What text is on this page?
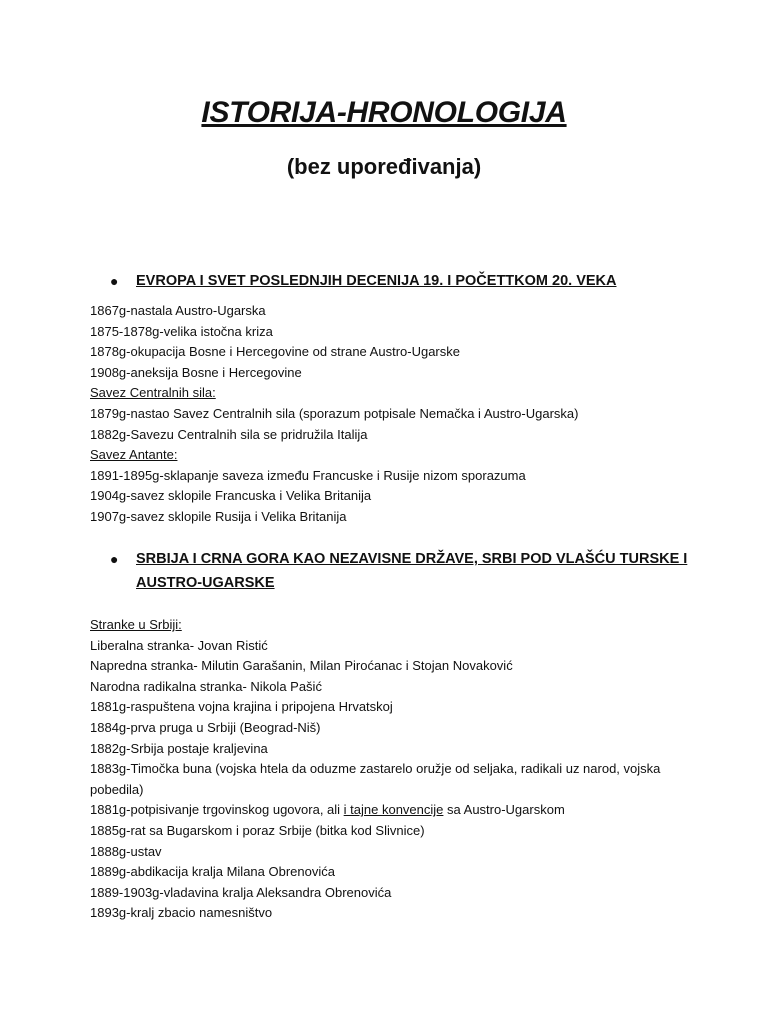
ISTORIJA-HRONOLOGIJA
(bez upoređivanja)
●	EVROPA I SVET POSLEDNJIH DECENIJA 19. I POČETTKOM 20. VEKA
1867g-nastala Austro-Ugarska
1875-1878g-velika istočna kriza
1878g-okupacija Bosne i Hercegovine od strane Austro-Ugarske
1908g-aneksija Bosne i Hercegovine
Savez Centralnih sila:
1879g-nastao Savez Centralnih sila (sporazum potpisale Nemačka i Austro-Ugarska)
1882g-Savezu Centralnih sila se pridružila Italija
Savez Antante:
1891-1895g-sklapanje saveza između Francuske i Rusije nizom sporazuma
1904g-savez sklopile Francuska i Velika Britanija
1907g-savez sklopile Rusija i Velika Britanija
●	SRBIJA I CRNA GORA KAO NEZAVISNE DRŽAVE, SRBI POD VLAŠĆU TURSKE I AUSTRO-UGARSKE
Stranke u Srbiji:
Liberalna stranka- Jovan Ristić
Napredna stranka- Milutin Garašanin, Milan Piroćanac i Stojan Novaković
Narodna radikalna stranka- Nikola Pašić
1881g-raspuštena vojna krajina i pripojena Hrvatskoj
1884g-prva pruga u Srbiji (Beograd-Niš)
1882g-Srbija postaje kraljevina
1883g-Timočka buna (vojska htela da oduzme zastarelo oružje od seljaka, radikali uz narod, vojska pobedila)
1881g-potpisivanje trgovinskog ugovora, ali i tajne konvencije sa Austro-Ugarskom
1885g-rat sa Bugarskom i poraz Srbije (bitka kod Slivnice)
1888g-ustav
1889g-abdikacija kralja Milana Obrenovića
1889-1903g-vladavina kralja Aleksandra Obrenovića
1893g-kralj zbacio namesništvo
